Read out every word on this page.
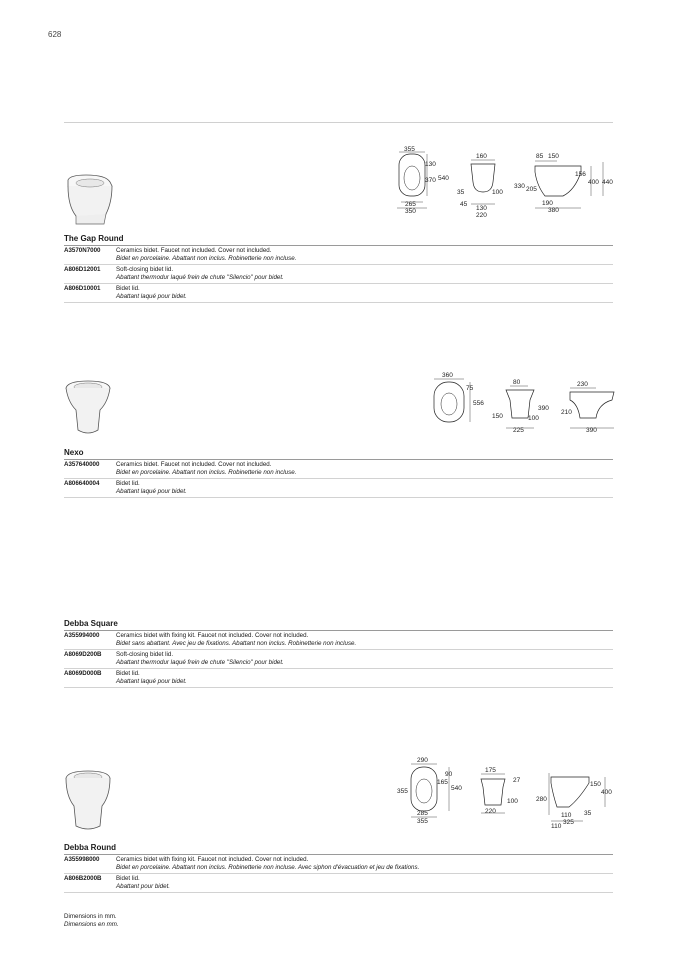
628
355
130
370 540
265
350
160
35	100
45
130
220
85 150
156
330 205
400 440
190
380
The Gap Round
A3570N7000	Ceramics bidet. Faucet not included. Cover not included.
Bidet en porcelaine. Abattant non inclus. Robinetterie non incluse.
A806D12001	Soft-closing bidet lid.
Abattant thermodur laqué frein de chute "Silencio" pour bidet.
A806D10001	Bidet lid.
Abattant laqué pour bidet.
360
75
556
80
150
390
100
225
230
210
390
Nexo
A357640000	Ceramics bidet. Faucet not included. Cover not included.
Bidet en porcelaine. Abattant non inclus. Robinetterie non incluse.
A806640004	Bidet lid.
Abattant laqué pour bidet.
Debba Square
A355994000	Ceramics bidet with fixing kit. Faucet not included. Cover not included.
Bidet sans abattant. Avec jeu de fixations. Abattant non inclus. Robinetterie non incluse.
A8069D200B	Soft-closing bidet lid.
Abattant thermodur laqué frein de chute "Silencio" pour bidet.
A8069D000B	Bidet lid.
Abattant laqué pour bidet.
290
90
165
355	540
285
355
175
27
100
220
150
400
280
110 35
325
110
Debba Round
A355998000	Ceramics bidet with fixing kit. Faucet not included. Cover not included.
Bidet en porcelaine. Abattant non inclus. Robinetterie non incluse. Avec siphon d'évacuation et jeu de fixations.
A806B2000B	Bidet lid.
Abattant pour bidet.
Dimensions in mm.
Dimensions en mm.
